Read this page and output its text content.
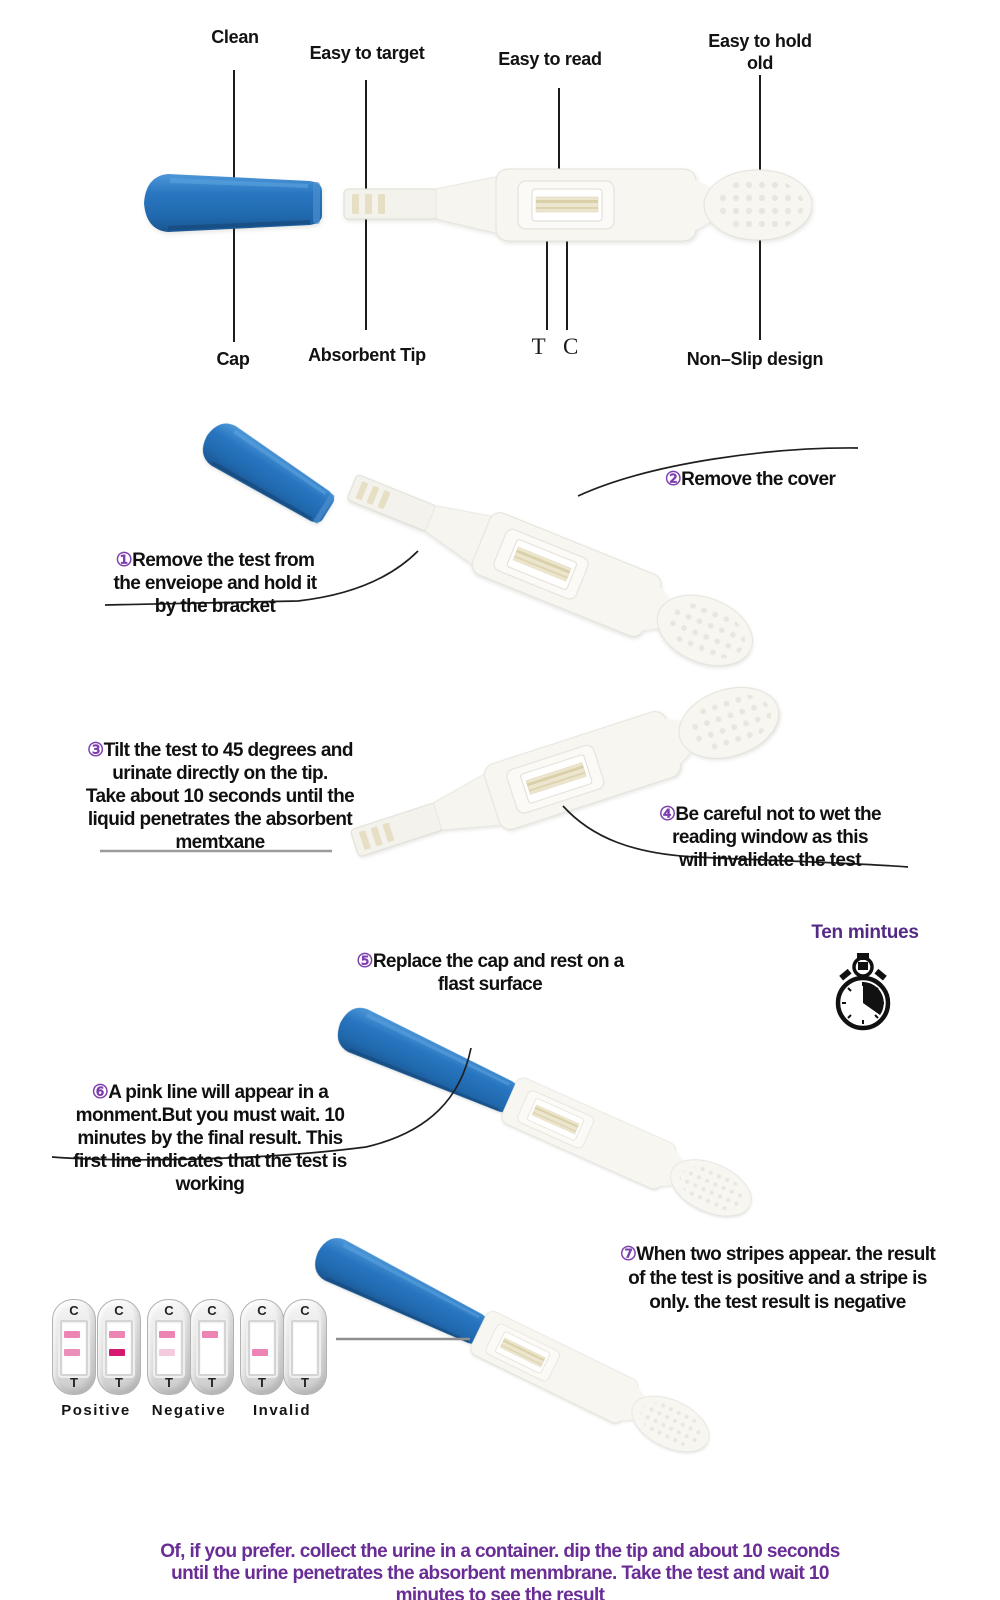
Clean
Easy to target	Easy to read
Easy to hold
old
Cap	Absorbent Tip	T C	Non–Slip design
①Remove the test from
the enveiope and hold it
by the bracket
②Remove the cover
③Tilt the test to 45 degrees and
urinate directly on the tip.
Take about 10 seconds until the
liquid penetrates the absorbent
memtxane
④Be careful not to wet the
reading window as this
will invalidate the test
⑤Replace the cap and rest on a
flast surface
⑥A pink line will appear in a
monment.But you must wait. 10
minutes by the final result. This
first line indicates that the test is
working
⑦When two stripes appear. the result
of the test is positive and a stripe is
only. the test result is negative
Ten mintues
C
T
C
T
C
T
C
T
C
T
C
T
Positive	Negative	Invalid
Of, if you prefer. collect the urine in a container. dip the tip and about 10 seconds
until the urine penetrates the absorbent menmbrane. Take the test and wait 10
minutes to see the result
